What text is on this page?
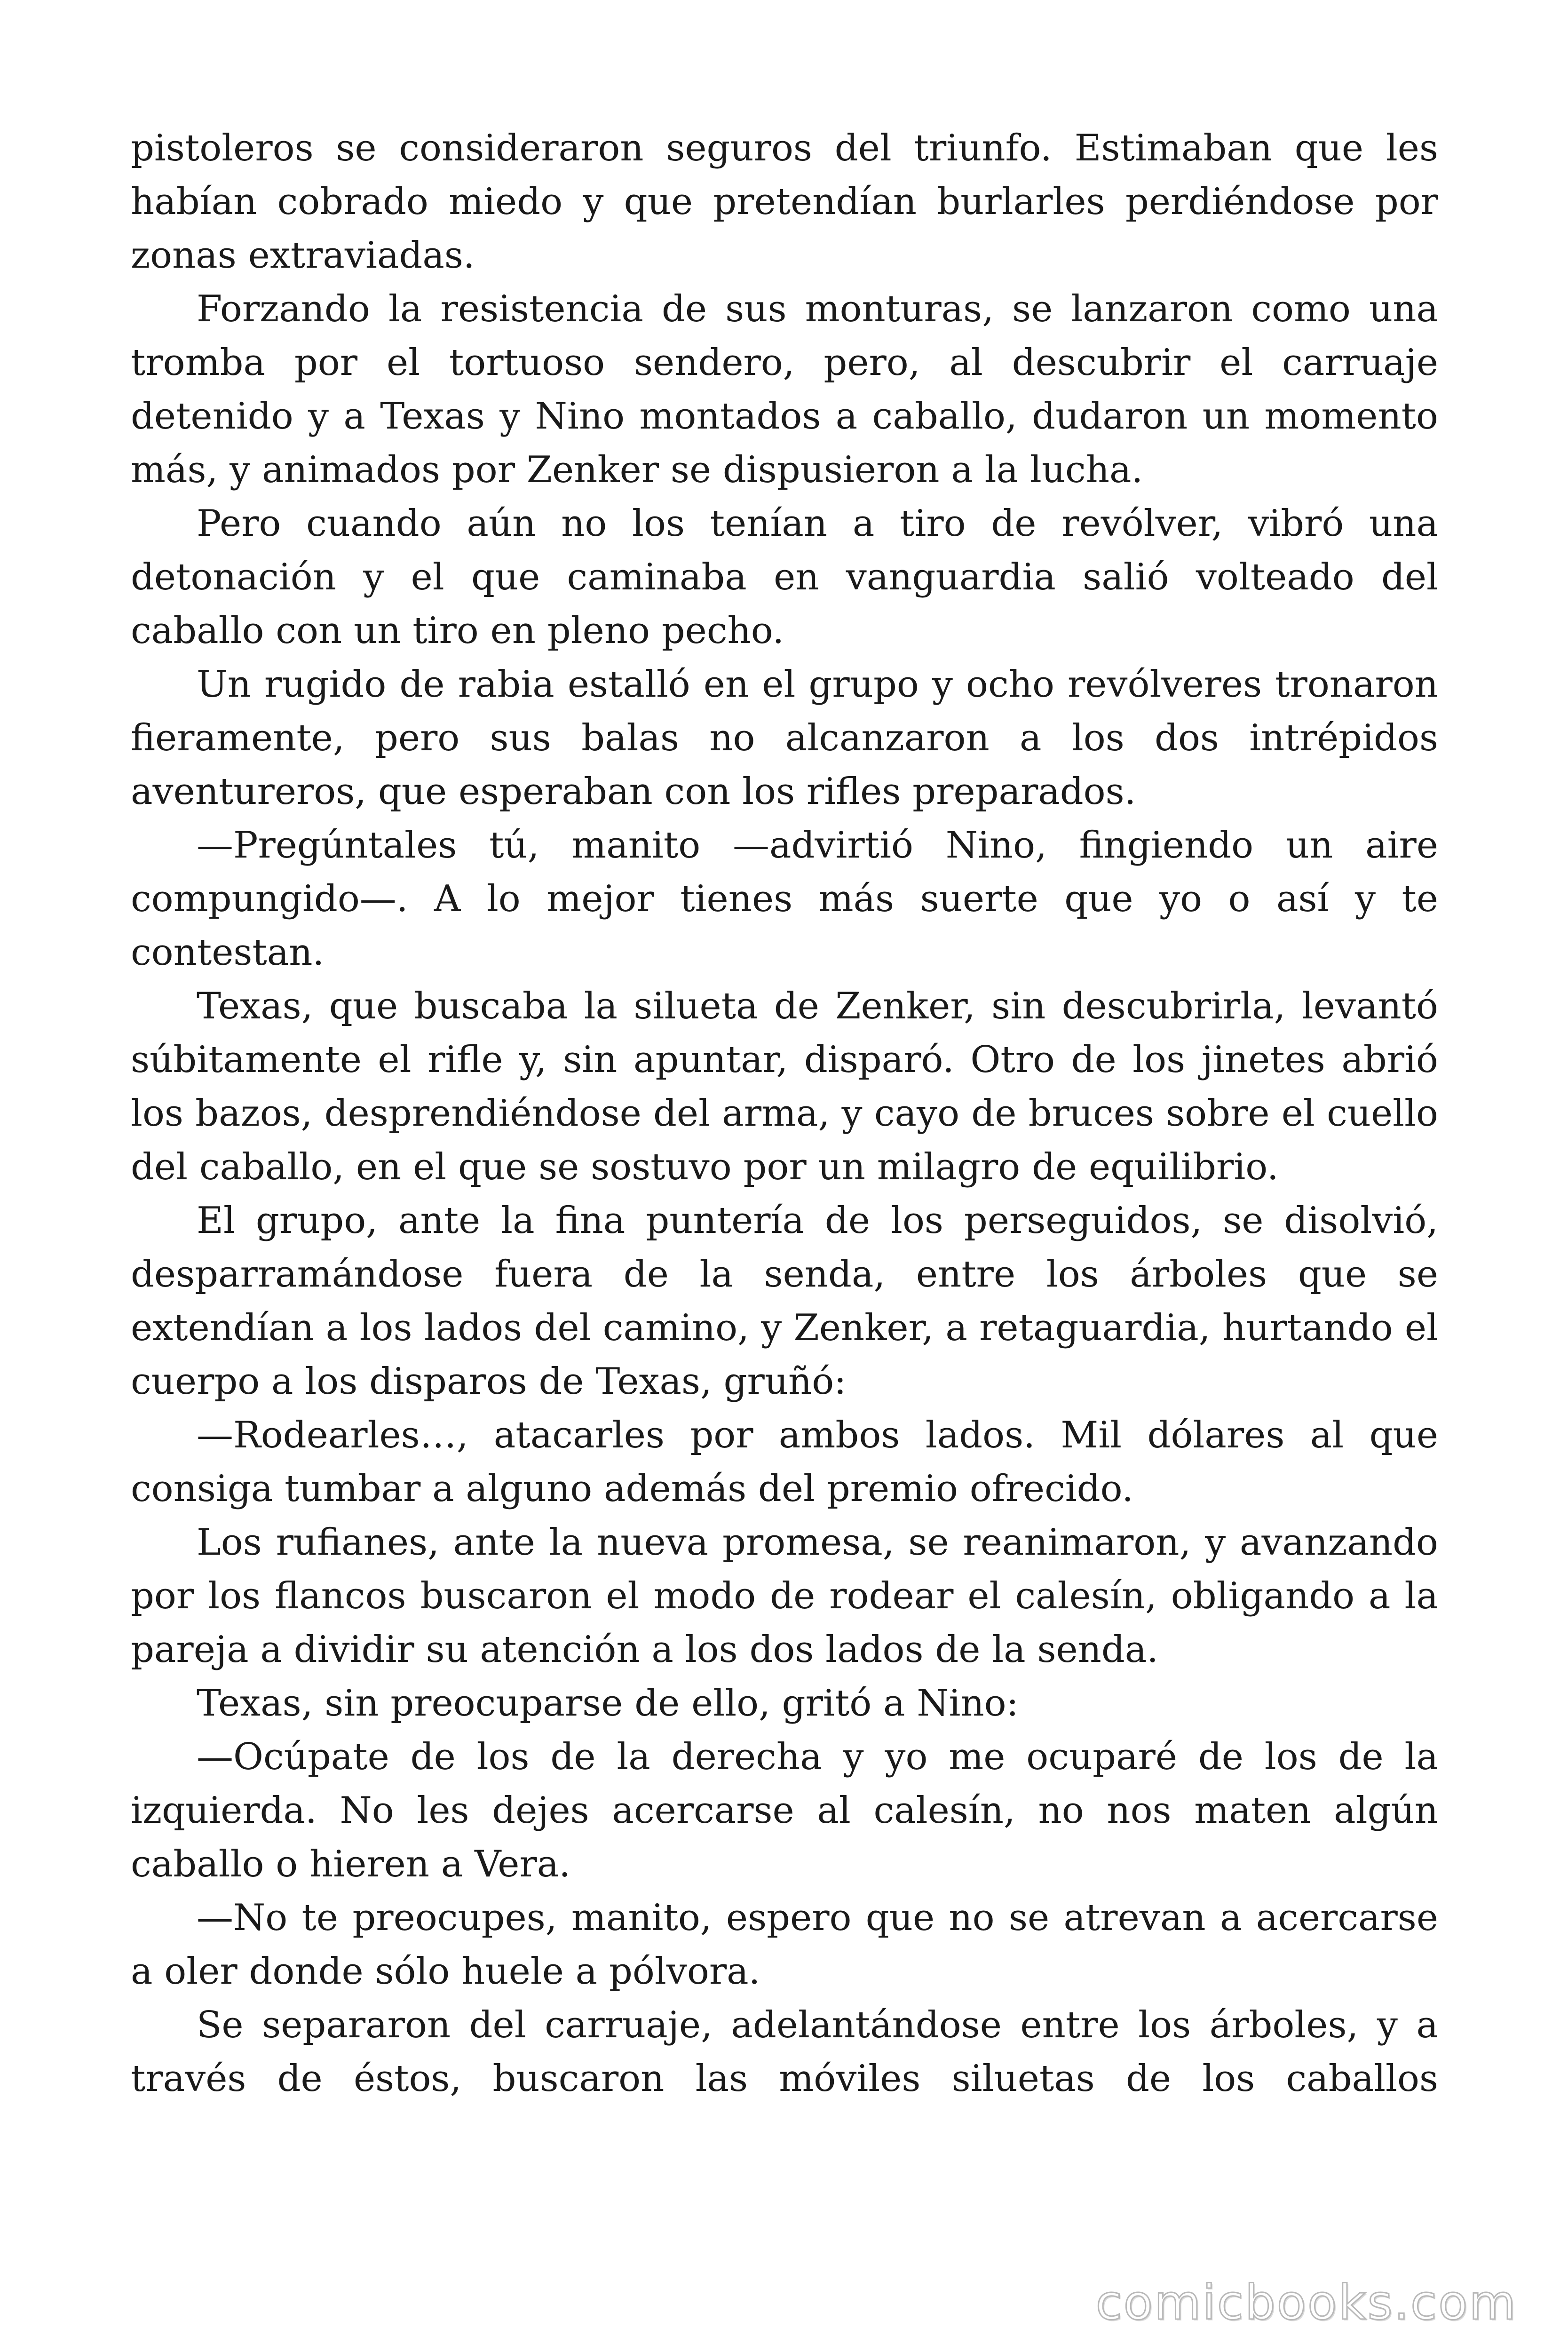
pistoleros se consideraron seguros del triunfo. Estimaban que les habían cobrado miedo y que pretendían burlarles perdiéndose por zonas extraviadas.

Forzando la resistencia de sus monturas, se lanzaron como una tromba por el tortuoso sendero, pero, al descubrir el carruaje detenido y a Texas y Nino montados a caballo, dudaron un momento más, y animados por Zenker se dispusieron a la lucha.

Pero cuando aún no los tenían a tiro de revólver, vibró una detonación y el que caminaba en vanguardia salió volteado del caballo con un tiro en pleno pecho.

Un rugido de rabia estalló en el grupo y ocho revólveres tronaron fieramente, pero sus balas no alcanzaron a los dos intrépidos aventureros, que esperaban con los rifles preparados.

—Pregúntales tú, manito —advirtió Nino, fingiendo un aire compungido—. A lo mejor tienes más suerte que yo o así y te contestan.

Texas, que buscaba la silueta de Zenker, sin descubrirla, levantó súbitamente el rifle y, sin apuntar, disparó. Otro de los jinetes abrió los bazos, desprendiéndose del arma, y cayo de bruces sobre el cuello del caballo, en el que se sostuvo por un milagro de equilibrio.

El grupo, ante la fina puntería de los perseguidos, se disolvió, desparramándose fuera de la senda, entre los árboles que se extendían a los lados del camino, y Zenker, a retaguardia, hurtando el cuerpo a los disparos de Texas, gruñó:

—Rodearles…, atacarles por ambos lados. Mil dólares al que consiga tumbar a alguno además del premio ofrecido.

Los rufianes, ante la nueva promesa, se reanimaron, y avanzando por los flancos buscaron el modo de rodear el calesín, obligando a la pareja a dividir su atención a los dos lados de la senda.

Texas, sin preocuparse de ello, gritó a Nino:

—Ocúpate de los de la derecha y yo me ocuparé de los de la izquierda. No les dejes acercarse al calesín, no nos maten algún caballo o hieren a Vera.

—No te preocupes, manito, espero que no se atrevan a acercarse a oler donde sólo huele a pólvora.

Se separaron del carruaje, adelantándose entre los árboles, y a través de éstos, buscaron las móviles siluetas de los caballos

comicbooks.com
